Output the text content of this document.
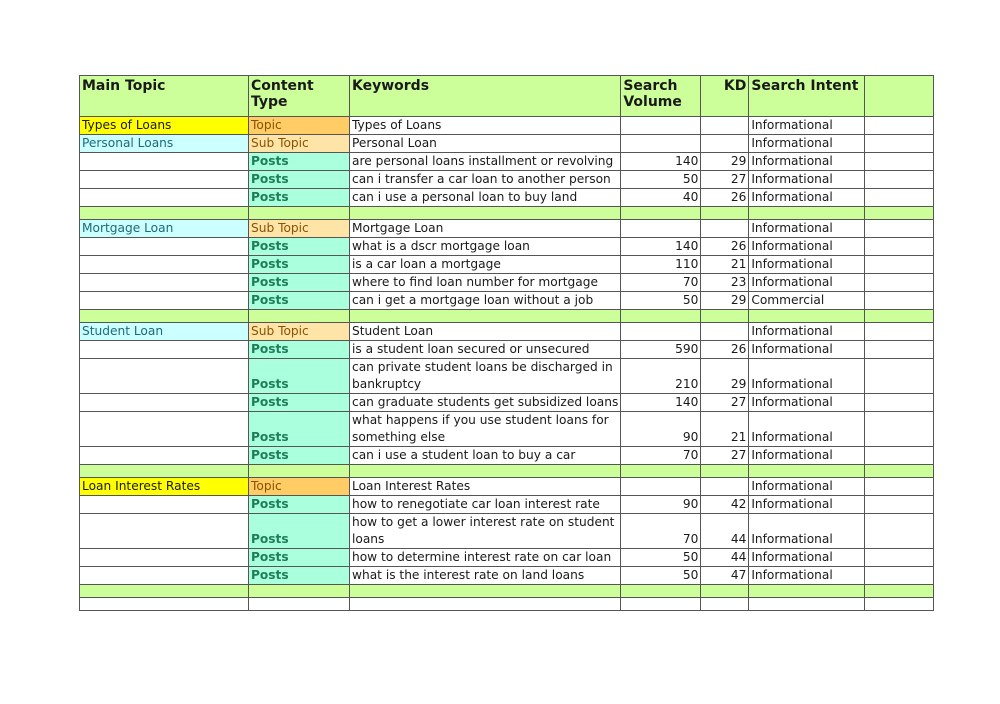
Main Topic	Content Type	Keywords	Search Volume	KD	Search Intent	
Types of Loans	Topic	Types of Loans			Informational	
Personal Loans	Sub Topic	Personal Loan			Informational	
	Posts	are personal loans installment or revolving	140	29	Informational	
	Posts	can i transfer a car loan to another person	50	27	Informational	
	Posts	can i use a personal loan to buy land	40	26	Informational	

Mortgage Loan	Sub Topic	Mortgage Loan			Informational	
	Posts	what is a dscr mortgage loan	140	26	Informational	
	Posts	is a car loan a mortgage	110	21	Informational	
	Posts	where to find loan number for mortgage	70	23	Informational	
	Posts	can i get a mortgage loan without a job	50	29	Commercial	

Student Loan	Sub Topic	Student Loan			Informational	
	Posts	is a student loan secured or unsecured	590	26	Informational	
	Posts	can private student loans be discharged in bankruptcy	210	29	Informational	
	Posts	can graduate students get subsidized loans	140	27	Informational	
	Posts	what happens if you use student loans for something else	90	21	Informational	
	Posts	can i use a student loan to buy a car	70	27	Informational	

Loan Interest Rates	Topic	Loan Interest Rates			Informational	
	Posts	how to renegotiate car loan interest rate	90	42	Informational	
	Posts	how to get a lower interest rate on student loans	70	44	Informational	
	Posts	how to determine interest rate on car loan	50	44	Informational	
	Posts	what is the interest rate on land loans	50	47	Informational	
